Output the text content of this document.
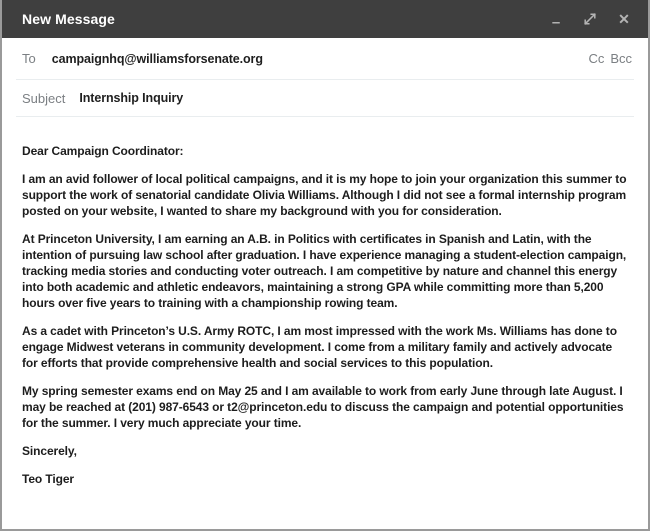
New Message	–	✕
To campaignhq@williamsforsenate.org	Cc Bcc
Subject Internship Inquiry

Dear Campaign Coordinator:

I am an avid follower of local political campaigns, and it is my hope to join your organization this summer to support the work of senatorial candidate Olivia Williams. Although I did not see a formal internship program posted on your website, I wanted to share my background with you for consideration.

At Princeton University, I am earning an A.B. in Politics with certificates in Spanish and Latin, with the intention of pursuing law school after graduation. I have experience managing a student-election campaign, tracking media stories and conducting voter outreach. I am competitive by nature and channel this energy into both academic and athletic endeavors, maintaining a strong GPA while committing more than 5,200 hours over five years to training with a championship rowing team.

As a cadet with Princeton’s U.S. Army ROTC, I am most impressed with the work Ms. Williams has done to engage Midwest veterans in community development. I come from a military family and actively advocate for efforts that provide comprehensive health and social services to this population.

My spring semester exams end on May 25 and I am available to work from early June through late August. I may be reached at (201) 987-6543 or t2@princeton.edu to discuss the campaign and potential opportunities for the summer. I very much appreciate your time.

Sincerely,

Teo Tiger
